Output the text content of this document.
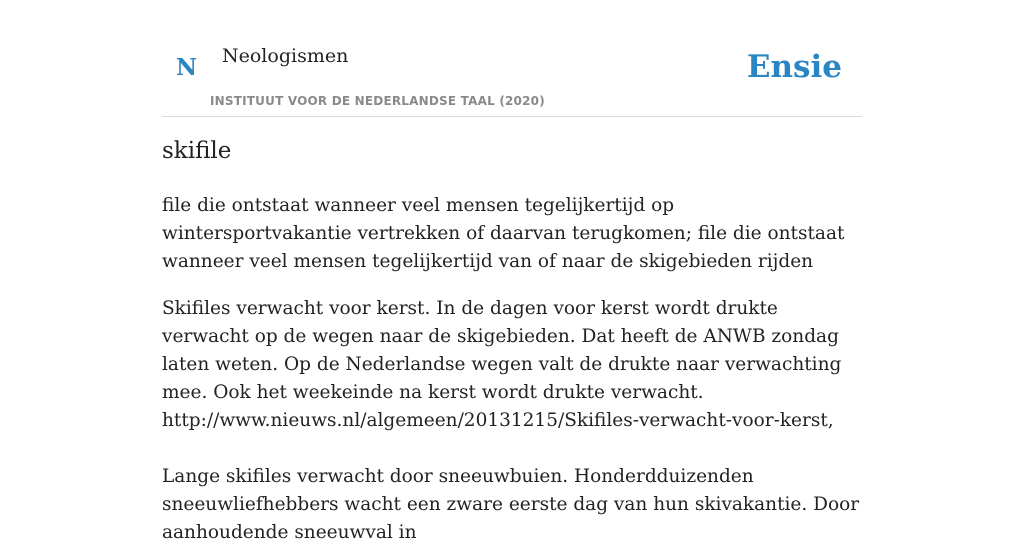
N Neologismen	Ensie
INSTITUUT VOOR DE NEDERLANDSE TAAL (2020)
skifile
file die ontstaat wanneer veel mensen tegelijkertijd op wintersportvakantie vertrekken of daarvan terugkomen; file die ontstaat wanneer veel mensen tegelijkertijd van of naar de skigebieden rijden

Skifiles verwacht voor kerst. In de dagen voor kerst wordt drukte verwacht op de wegen naar de skigebieden. Dat heeft de ANWB zondag laten weten. Op de Nederlandse wegen valt de drukte naar verwachting mee. Ook het weekeinde na kerst wordt drukte verwacht.

http://www.nieuws.nl/algemeen/20131215/Skifiles-verwacht-voor-kerst,

Lange skifiles verwacht door sneeuwbuien. Honderdduizenden sneeuwliefhebbers wacht een zware eerste dag van hun skivakantie. Door aanhoudende sneeuwval in
